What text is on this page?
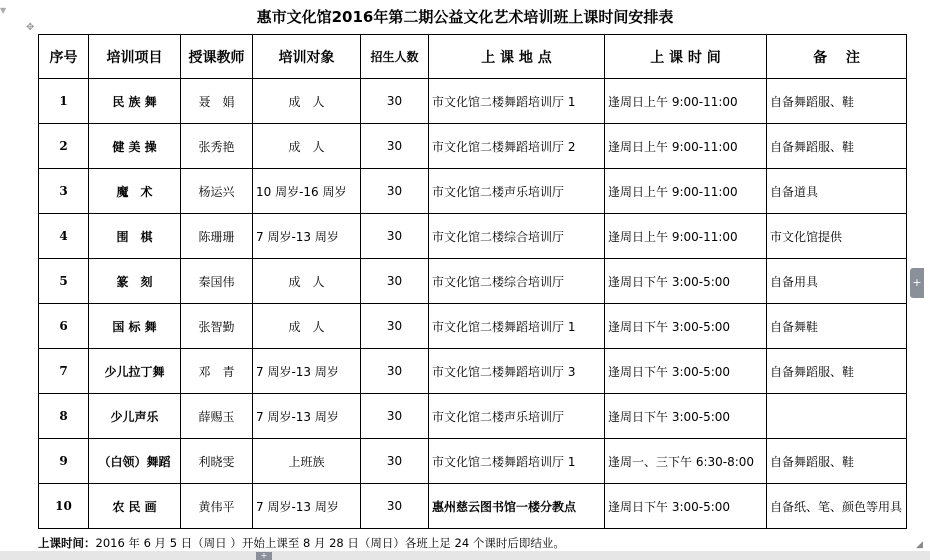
▼
✥
惠市文化馆2016年第二期公益文化艺术培训班上课时间安排表
序号	培训项目	授课教师	培训对象	招生人数	上 课 地 点	上 课 时 间	备　 注
1	民 族 舞	聂　娟	成　人	30	市文化馆二楼舞蹈培训厅 1	逢周日上午 9:00-11:00	自备舞蹈服、鞋
2	健 美 操	张秀艳	成　人	30	市文化馆二楼舞蹈培训厅 2	逢周日上午 9:00-11:00	自备舞蹈服、鞋
3	魔　术	杨运兴	10 周岁-16 周岁	30	市文化馆二楼声乐培训厅	逢周日上午 9:00-11:00	自备道具
4	围　棋	陈珊珊	7 周岁-13 周岁	30	市文化馆二楼综合培训厅	逢周日上午 9:00-11:00	市文化馆提供
5	篆　刻	秦国伟	成　人	30	市文化馆二楼综合培训厅	逢周日下午 3:00-5:00	自备用具
6	国 标 舞	张智勤	成　人	30	市文化馆二楼舞蹈培训厅 1	逢周日下午 3:00-5:00	自备舞鞋
7	少儿拉丁舞	邓　青	7 周岁-13 周岁	30	市文化馆二楼舞蹈培训厅 3	逢周日下午 3:00-5:00	自备舞蹈服、鞋
8	少儿声乐	薛赐玉	7 周岁-13 周岁	30	市文化馆二楼声乐培训厅	逢周日下午 3:00-5:00	
9	（白领）舞蹈	利晓雯	上班族	30	市文化馆二楼舞蹈培训厅 1	逢周一、三下午 6:30-8:00	自备舞蹈服、鞋
10	农 民 画	黄伟平	7 周岁-13 周岁	30	惠州慈云图书馆一楼分教点	逢周日下午 3:00-5:00	自备纸、笔、颜色等用具
上课时间：2016 年 6 月 5 日（周日 ）开始上课至 8 月 28 日（周日）各班上足 24 个课时后即结业。
+
+
◢
